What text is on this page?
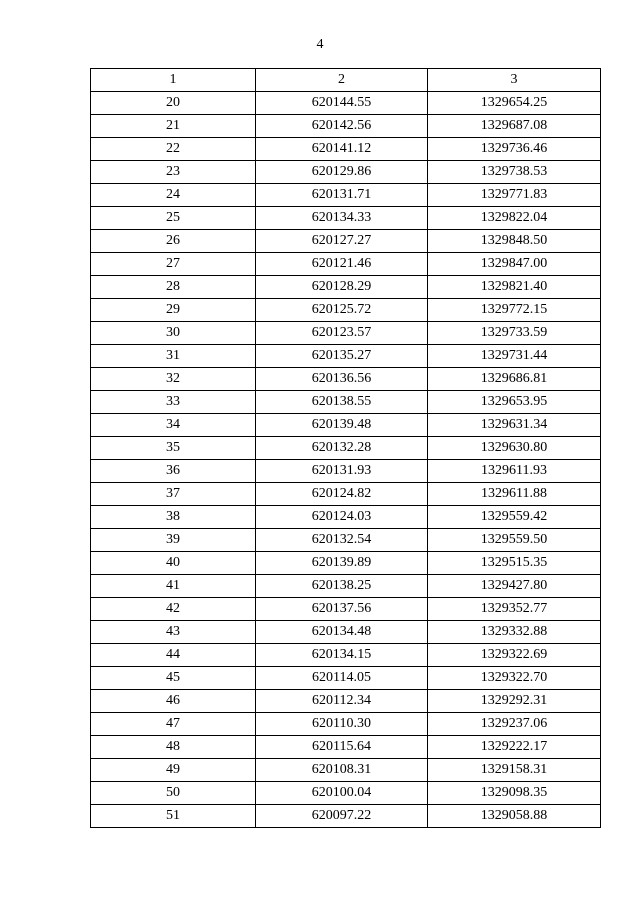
4
1	2	3
20	620144.55	1329654.25
21	620142.56	1329687.08
22	620141.12	1329736.46
23	620129.86	1329738.53
24	620131.71	1329771.83
25	620134.33	1329822.04
26	620127.27	1329848.50
27	620121.46	1329847.00
28	620128.29	1329821.40
29	620125.72	1329772.15
30	620123.57	1329733.59
31	620135.27	1329731.44
32	620136.56	1329686.81
33	620138.55	1329653.95
34	620139.48	1329631.34
35	620132.28	1329630.80
36	620131.93	1329611.93
37	620124.82	1329611.88
38	620124.03	1329559.42
39	620132.54	1329559.50
40	620139.89	1329515.35
41	620138.25	1329427.80
42	620137.56	1329352.77
43	620134.48	1329332.88
44	620134.15	1329322.69
45	620114.05	1329322.70
46	620112.34	1329292.31
47	620110.30	1329237.06
48	620115.64	1329222.17
49	620108.31	1329158.31
50	620100.04	1329098.35
51	620097.22	1329058.88
